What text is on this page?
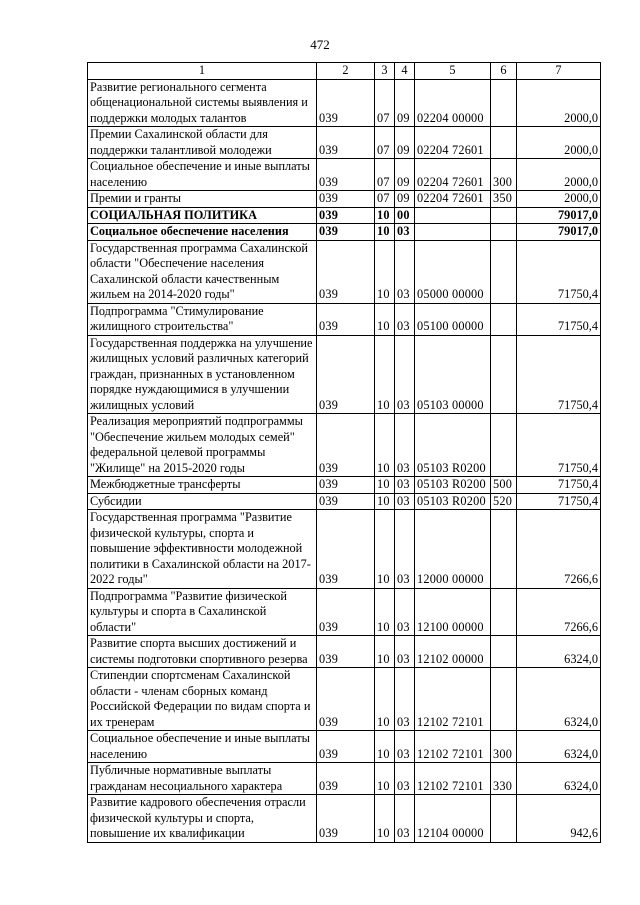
472
1	2	3	4	5	6	7
Развитие регионального сегмента общенациональной системы выявления и поддержки молодых талантов	039	07	09	02204 00000		2000,0
Премии Сахалинской области для поддержки талантливой молодежи	039	07	09	02204 72601		2000,0
Социальное обеспечение и иные выплаты населению	039	07	09	02204 72601	300	2000,0
Премии и гранты	039	07	09	02204 72601	350	2000,0
СОЦИАЛЬНАЯ ПОЛИТИКА	039	10	00			79017,0
Социальное обеспечение населения	039	10	03			79017,0
Государственная программа Сахалинской области "Обеспечение населения Сахалинской области качественным жильем на 2014-2020 годы"	039	10	03	05000 00000		71750,4
Подпрограмма "Стимулирование жилищного строительства"	039	10	03	05100 00000		71750,4
Государственная поддержка на улучшение жилищных условий различных категорий граждан, признанных в установленном порядке нуждающимися в улучшении жилищных условий	039	10	03	05103 00000		71750,4
Реализация мероприятий подпрограммы "Обеспечение жильем молодых семей" федеральной целевой программы "Жилище" на 2015-2020 годы	039	10	03	05103 R0200		71750,4
Межбюджетные трансферты	039	10	03	05103 R0200	500	71750,4
Субсидии	039	10	03	05103 R0200	520	71750,4
Государственная программа "Развитие физической культуры, спорта и повышение эффективности молодежной политики в Сахалинской области на 2017-2022 годы"	039	10	03	12000 00000		7266,6
Подпрограмма "Развитие физической культуры и спорта в Сахалинской области"	039	10	03	12100 00000		7266,6
Развитие спорта высших достижений и системы подготовки спортивного резерва	039	10	03	12102 00000		6324,0
Стипендии спортсменам Сахалинской области - членам сборных команд Российской Федерации по видам спорта и их тренерам	039	10	03	12102 72101		6324,0
Социальное обеспечение и иные выплаты населению	039	10	03	12102 72101	300	6324,0
Публичные нормативные выплаты гражданам несоциального характера	039	10	03	12102 72101	330	6324,0
Развитие кадрового обеспечения отрасли физической культуры и спорта, повышение их квалификации	039	10	03	12104 00000		942,6
